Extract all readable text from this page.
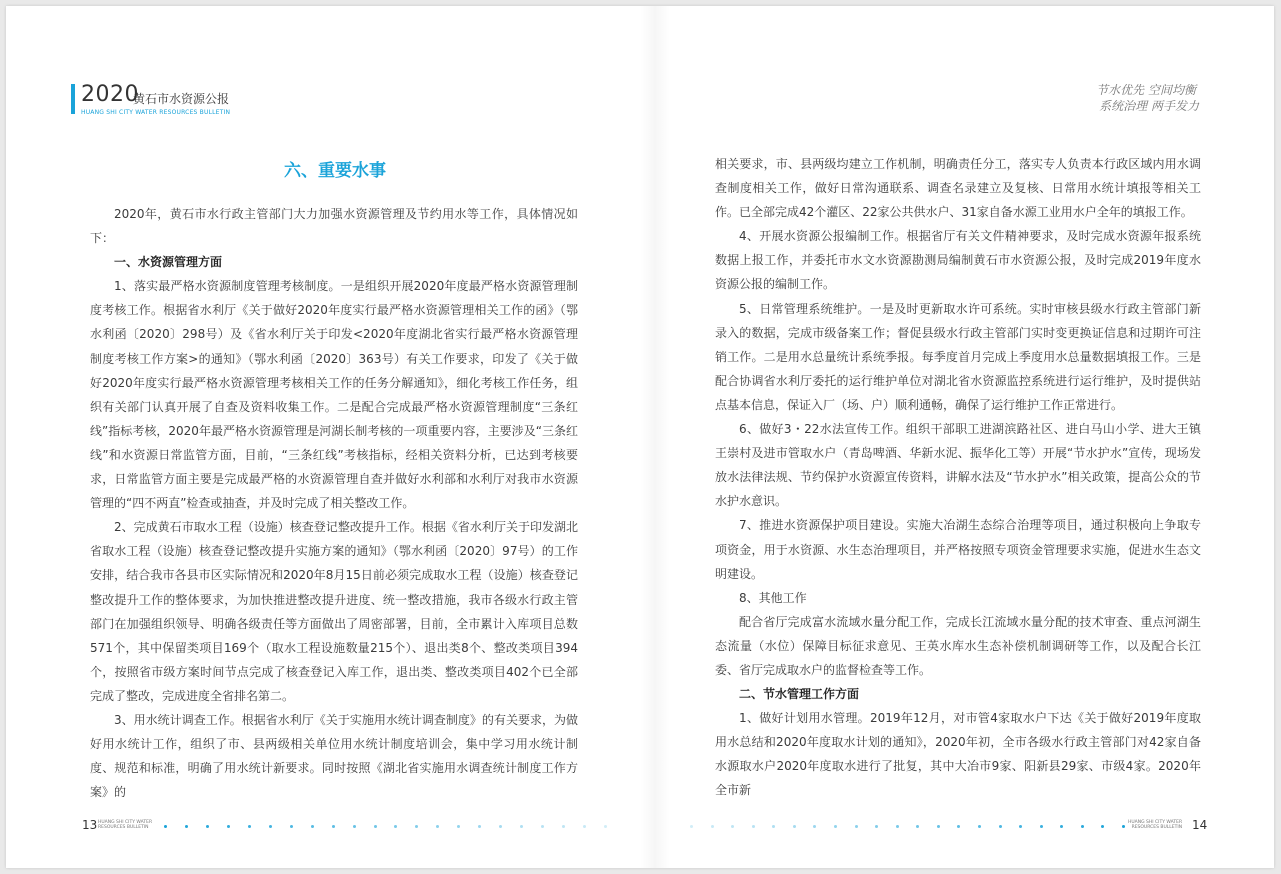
2020
黄石市水资源公报
HUANG SHI CITY WATER RESOURCES BULLETIN
节水优先 空间均衡
系统治理 两手发力
六、重要水事

2020年，黄石市水行政主管部门大力加强水资源管理及节约用水等工作，具体情况如下：

一、水资源管理方面

1、落实最严格水资源制度管理考核制度。一是组织开展2020年度最严格水资源管理制度考核工作。根据省水利厅《关于做好2020年度实行最严格水资源管理相关工作的函》（鄂水利函〔2020〕298号）及《省水利厅关于印发<2020年度湖北省实行最严格水资源管理制度考核工作方案>的通知》（鄂水利函〔2020〕363号）有关工作要求，印发了《关于做好2020年度实行最严格水资源管理考核相关工作的任务分解通知》，细化考核工作任务，组织有关部门认真开展了自查及资料收集工作。二是配合完成最严格水资源管理制度“三条红线”指标考核，2020年最严格水资源管理是河湖长制考核的一项重要内容，主要涉及“三条红线”和水资源日常监管方面，目前，“三条红线”考核指标，经相关资料分析，已达到考核要求，日常监管方面主要是完成最严格的水资源管理自查并做好水利部和水利厅对我市水资源管理的“四不两直”检查或抽查，并及时完成了相关整改工作。

2、完成黄石市取水工程（设施）核查登记整改提升工作。根据《省水利厅关于印发湖北省取水工程（设施）核查登记整改提升实施方案的通知》（鄂水利函〔2020〕97号）的工作安排，结合我市各县市区实际情况和2020年8月15日前必须完成取水工程（设施）核查登记整改提升工作的整体要求，为加快推进整改提升进度、统一整改措施，我市各级水行政主管部门在加强组织领导、明确各级责任等方面做出了周密部署，目前，全市累计入库项目总数571个，其中保留类项目169个（取水工程设施数量215个）、退出类8个、整改类项目394个，按照省市级方案时间节点完成了核查登记入库工作，退出类、整改类项目402个已全部完成了整改，完成进度全省排名第二。

3、用水统计调查工作。根据省水利厅《关于实施用水统计调查制度》的有关要求，为做好用水统计工作，组织了市、县两级相关单位用水统计制度培训会，集中学习用水统计制度、规范和标准，明确了用水统计新要求。同时按照《湖北省实施用水调查统计制度工作方案》的

相关要求，市、县两级均建立工作机制，明确责任分工，落实专人负责本行政区域内用水调查制度相关工作，做好日常沟通联系、调查名录建立及复核、日常用水统计填报等相关工作。已全部完成42个灌区、22家公共供水户、31家自备水源工业用水户全年的填报工作。

4、开展水资源公报编制工作。根据省厅有关文件精神要求，及时完成水资源年报系统数据上报工作，并委托市水文水资源勘测局编制黄石市水资源公报，及时完成2019年度水资源公报的编制工作。

5、日常管理系统维护。一是及时更新取水许可系统。实时审核县级水行政主管部门新录入的数据，完成市级备案工作；督促县级水行政主管部门实时变更换证信息和过期许可注销工作。二是用水总量统计系统季报。每季度首月完成上季度用水总量数据填报工作。三是配合协调省水利厅委托的运行维护单位对湖北省水资源监控系统进行运行维护，及时提供站点基本信息，保证入厂（场、户）顺利通畅，确保了运行维护工作正常进行。

6、做好3・22水法宣传工作。组织干部职工进湖滨路社区、进白马山小学、进大王镇王崇村及进市管取水户（青岛啤酒、华新水泥、振华化工等）开展“节水护水”宣传，现场发放水法律法规、节约保护水资源宣传资料，讲解水法及“节水护水”相关政策，提高公众的节水护水意识。

7、推进水资源保护项目建设。实施大冶湖生态综合治理等项目，通过积极向上争取专项资金，用于水资源、水生态治理项目，并严格按照专项资金管理要求实施，促进水生态文明建设。

8、其他工作

配合省厅完成富水流域水量分配工作，完成长江流域水量分配的技术审查、重点河湖生态流量（水位）保障目标征求意见、王英水库水生态补偿机制调研等工作，以及配合长江委、省厅完成取水户的监督检查等工作。

二、节水管理工作方面

1、做好计划用水管理。2019年12月，对市管4家取水户下达《关于做好2019年度取用水总结和2020年度取水计划的通知》，2020年初，全市各级水行政主管部门对42家自备水源取水户2020年度取水进行了批复，其中大冶市9家、阳新县29家、市级4家。2020年全市新

13 HUANG SHI CITY WATER
RESOURCES BULLETIN
HUANG SHI CITY WATER
RESOURCES BULLETIN 14
